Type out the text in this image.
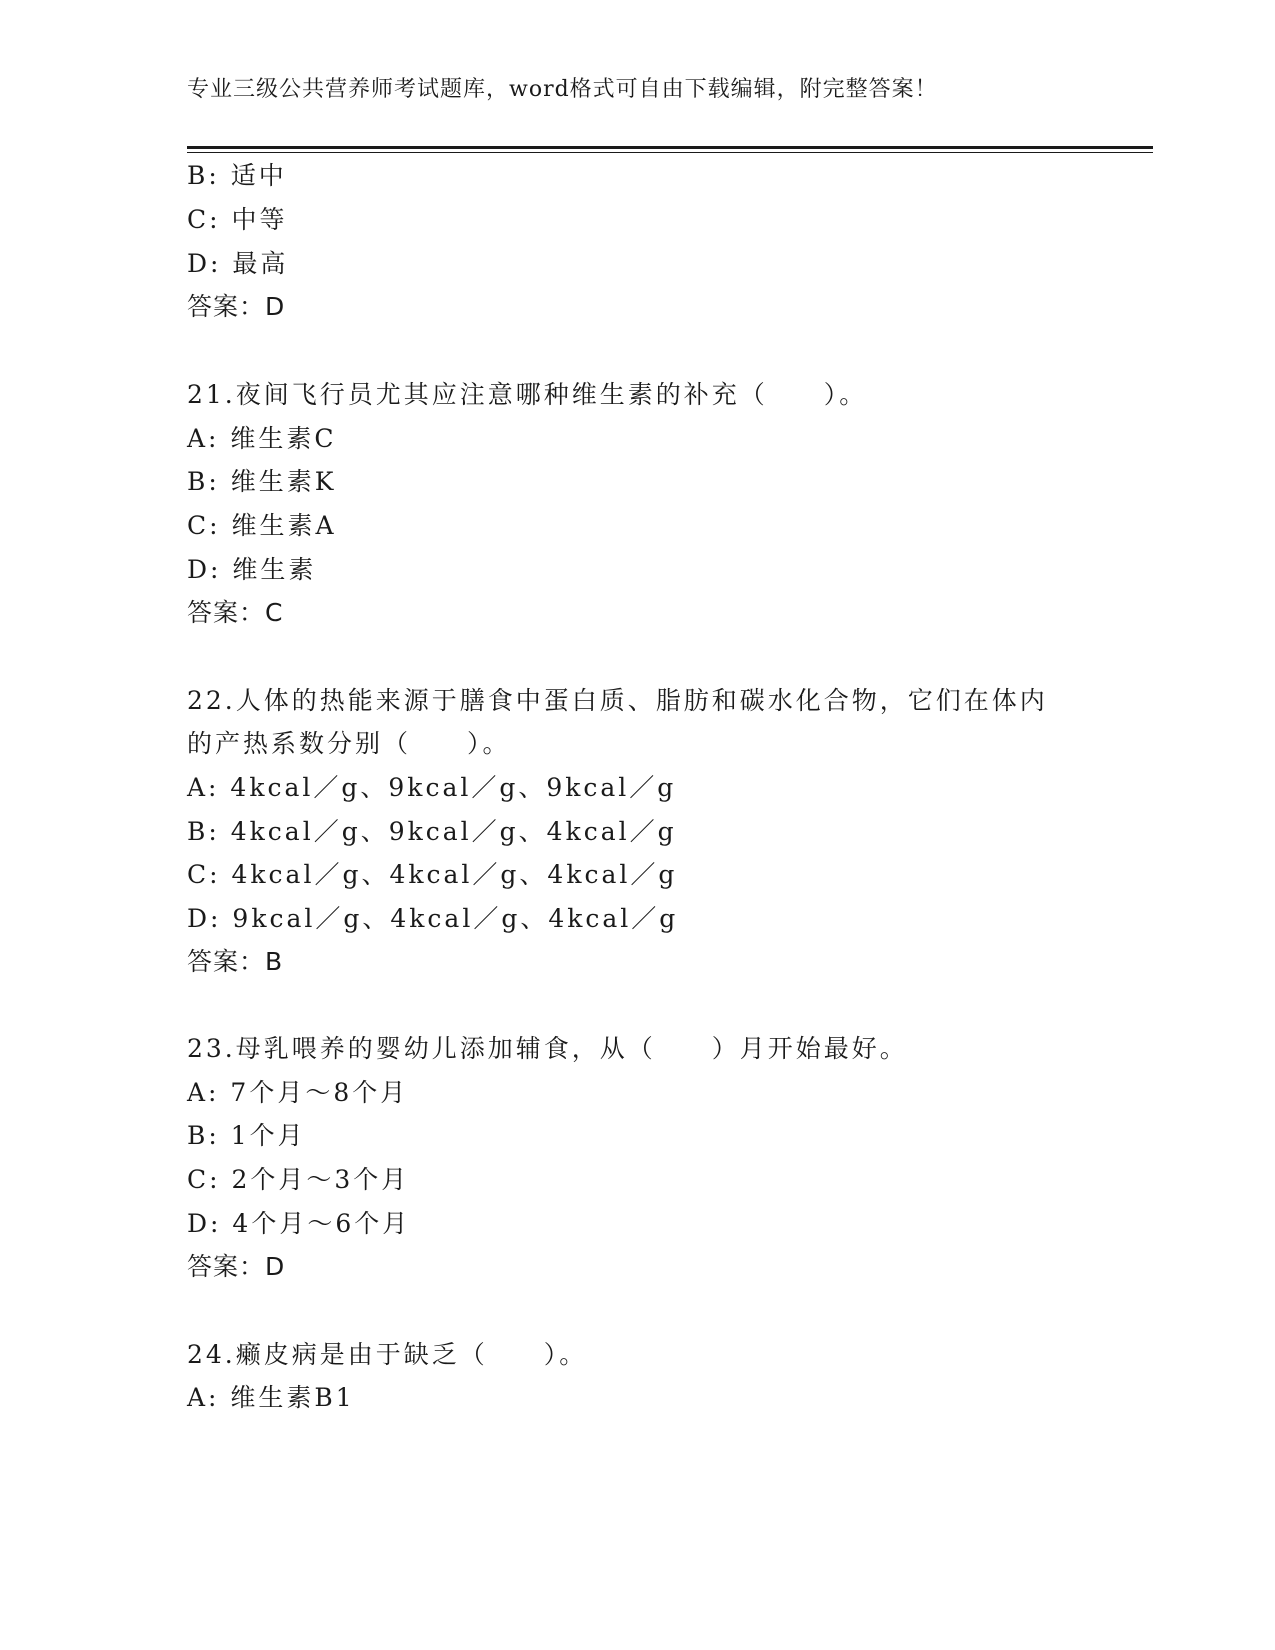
专业三级公共营养师考试题库，word格式可自由下载编辑，附完整答案！
B: 适中
C: 中等
D: 最高
答案：D
21.夜间飞行员尤其应注意哪种维生素的补充（　　）。
A: 维生素C
B: 维生素K
C: 维生素A
D: 维生素
答案：C
22.人体的热能来源于膳食中蛋白质、脂肪和碳水化合物，它们在体内
的产热系数分别（　　）。
A: 4kcal／g、9kcal／g、9kcal／g
B: 4kcal／g、9kcal／g、4kcal／g
C: 4kcal／g、4kcal／g、4kcal／g
D: 9kcal／g、4kcal／g、4kcal／g
答案：B
23.母乳喂养的婴幼儿添加辅食，从（　　）月开始最好。
A: 7个月～8个月
B: 1个月
C: 2个月～3个月
D: 4个月～6个月
答案：D
24.癞皮病是由于缺乏（　　）。
A: 维生素B1
